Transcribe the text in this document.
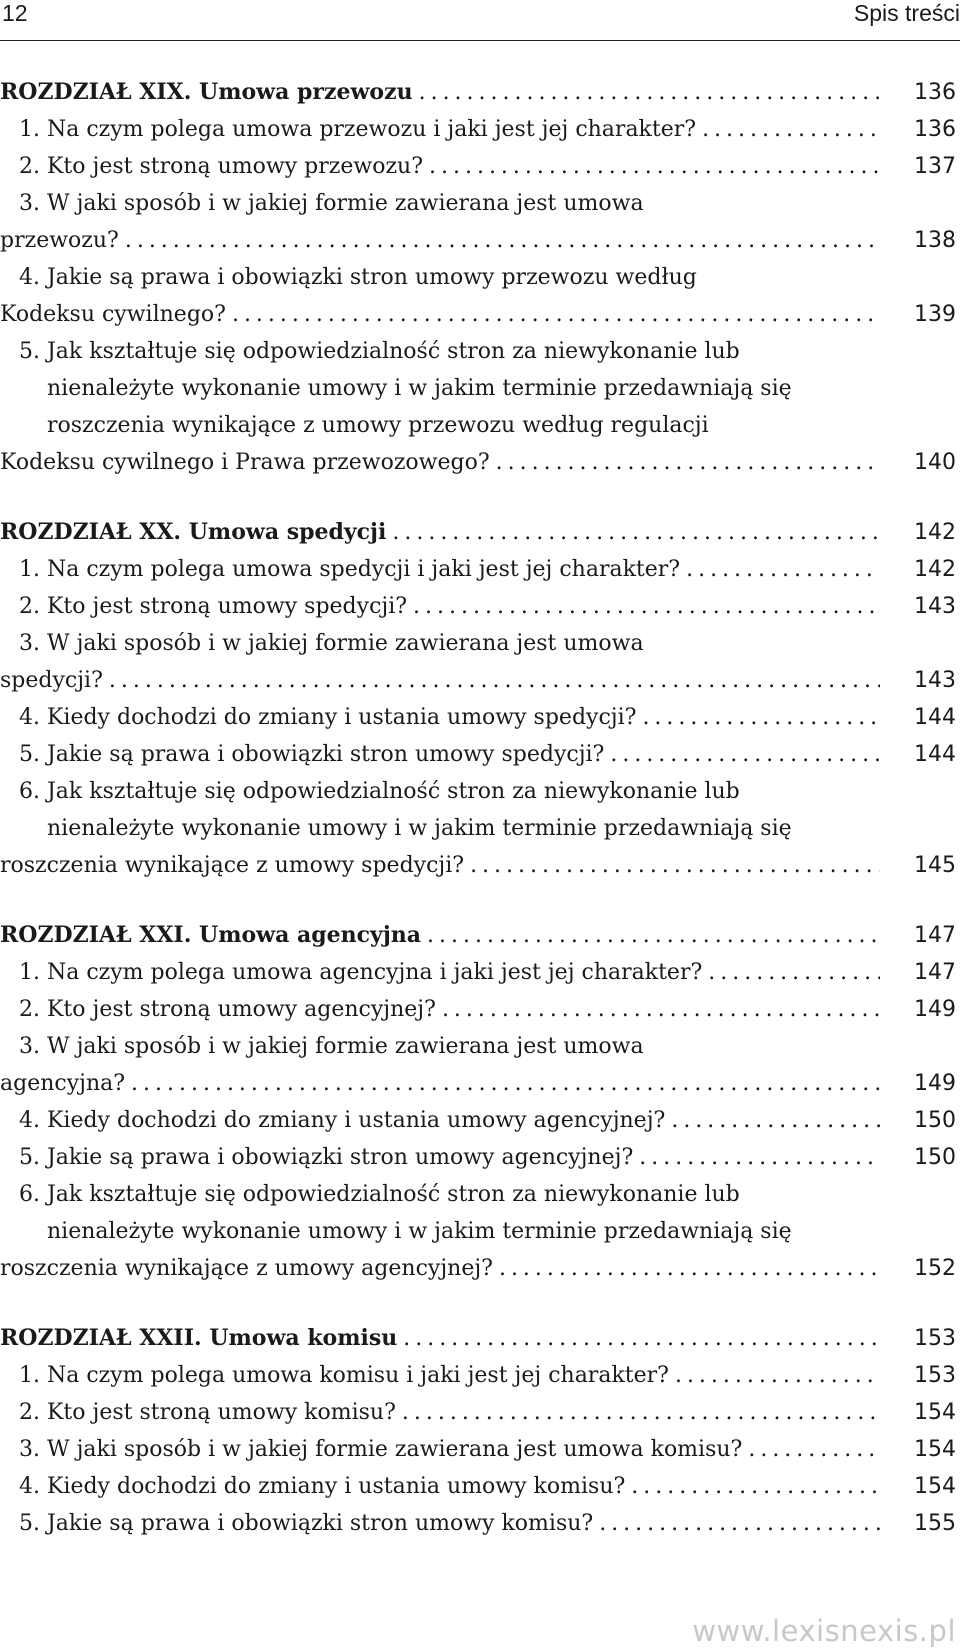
12	Spis treści
ROZDZIAŁ XIX. Umowa przewozu . . .	136
1. Na czym polega umowa przewozu i jaki jest jej charakter? . . .	136
2. Kto jest stroną umowy przewozu? . . .	137
3. W jaki sposób i w jakiej formie zawierana jest umowa
przewozu? . . .	138
4. Jakie są prawa i obowiązki stron umowy przewozu według
Kodeksu cywilnego? . . .	139
5. Jak kształtuje się odpowiedzialność stron za niewykonanie lub
nienależyte wykonanie umowy i w jakim terminie przedawniają się
roszczenia wynikające z umowy przewozu według regulacji
Kodeksu cywilnego i Prawa przewozowego? . . .	140
ROZDZIAŁ XX. Umowa spedycji . . .	142
1. Na czym polega umowa spedycji i jaki jest jej charakter? . . .	142
2. Kto jest stroną umowy spedycji? . . .	143
3. W jaki sposób i w jakiej formie zawierana jest umowa
spedycji? . . .	143
4. Kiedy dochodzi do zmiany i ustania umowy spedycji? . . .	144
5. Jakie są prawa i obowiązki stron umowy spedycji? . . .	144
6. Jak kształtuje się odpowiedzialność stron za niewykonanie lub
nienależyte wykonanie umowy i w jakim terminie przedawniają się
roszczenia wynikające z umowy spedycji? . . .	145
ROZDZIAŁ XXI. Umowa agencyjna . . .	147
1. Na czym polega umowa agencyjna i jaki jest jej charakter? . . .	147
2. Kto jest stroną umowy agencyjnej? . . .	149
3. W jaki sposób i w jakiej formie zawierana jest umowa
agencyjna? . . .	149
4. Kiedy dochodzi do zmiany i ustania umowy agencyjnej? . . .	150
5. Jakie są prawa i obowiązki stron umowy agencyjnej? . . .	150
6. Jak kształtuje się odpowiedzialność stron za niewykonanie lub
nienależyte wykonanie umowy i w jakim terminie przedawniają się
roszczenia wynikające z umowy agencyjnej? . . .	152
ROZDZIAŁ XXII. Umowa komisu . . .	153
1. Na czym polega umowa komisu i jaki jest jej charakter? . . .	153
2. Kto jest stroną umowy komisu? . . .	154
3. W jaki sposób i w jakiej formie zawierana jest umowa komisu? . . .	154
4. Kiedy dochodzi do zmiany i ustania umowy komisu? . . .	154
5. Jakie są prawa i obowiązki stron umowy komisu? . . .	155
www.lexisnexis.pl
